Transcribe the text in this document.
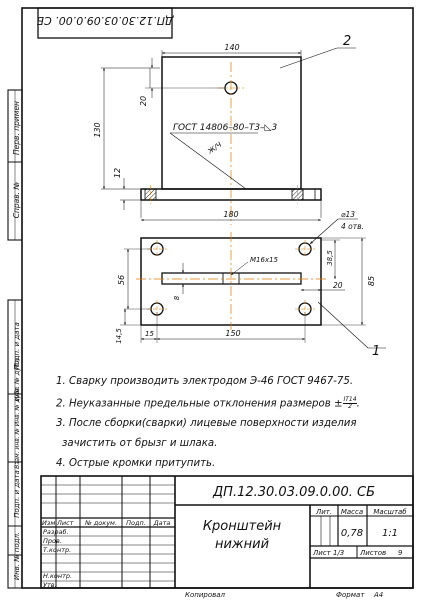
Перв. примен
Справ. №
Подп. и дата
Инв. № дубл
Взам. инв. № Инв. № дубл
Подп. и дата
Инв. № подл.
ДП.12.30.03.09.0.00. СБ
140
130
20
12
180
ГОСТ 14806–80–Т3–◺3
Ж/Ч
2
⌀13
4 отв.
M16x15	38,5
85
56
8
20
14,5	15	150
1
ДП.12.30.03.09.0.00. СБ
Кронштейн
нижний
Изм Лист № докум. Подп. Дата
Разраб.
Пров.
Т.контр.
Н.контр.
Утв.
Лит. Масса Масштаб
0,78 1:1
Лист 1/3 Листов 9
Копировал	Формат А4
1. Сварку производить электродом Э-46 ГОСТ 9467-75.
2. Неуказанные предельные отклонения размеров ± $\frac{IT14}{2}$ .
3. После сборки(сварки) лицевые поверхности изделия
зачистить от брызг и шлака.
4. Острые кромки притупить.
